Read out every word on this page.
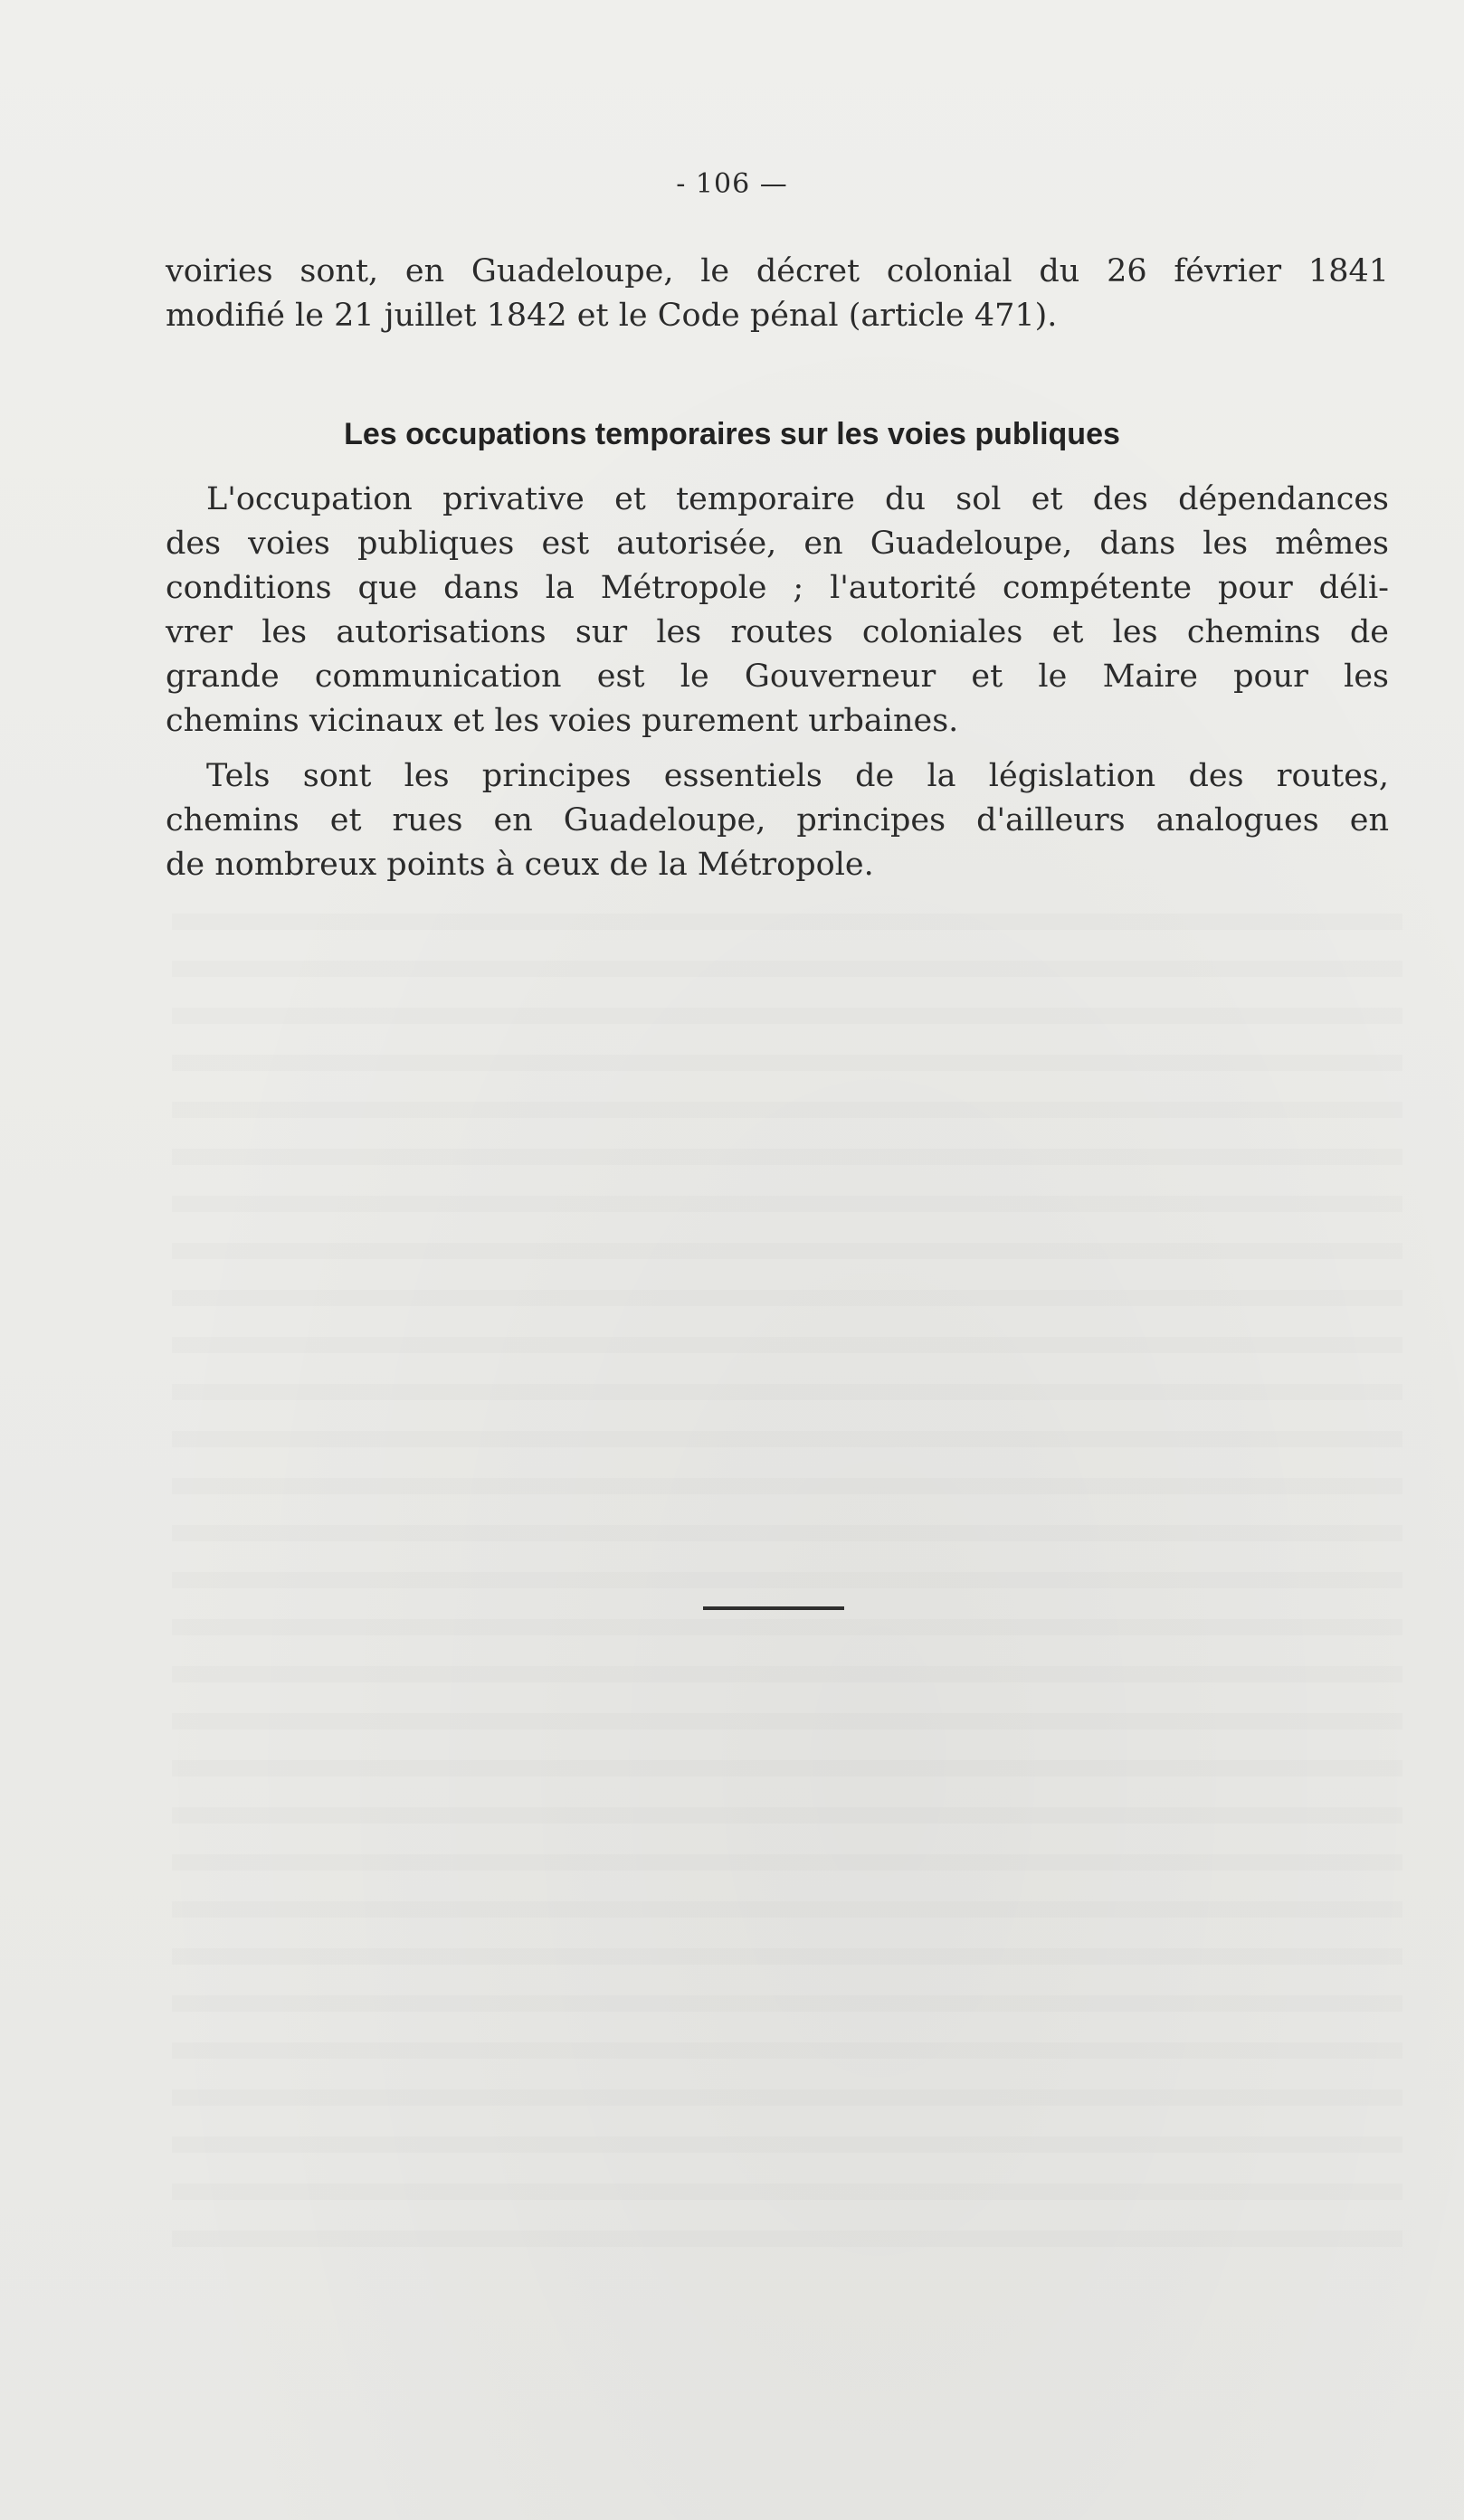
- 106 —
voiries sont, en Guadeloupe, le décret colonial du 26 février 1841
modifié le 21 juillet 1842 et le Code pénal (article 471).
Les occupations temporaires sur les voies publiques
L'occupation privative et temporaire du sol et des dépendances
des voies publiques est autorisée, en Guadeloupe, dans les mêmes
conditions que dans la Métropole ; l'autorité compétente pour déli-
vrer les autorisations sur les routes coloniales et les chemins de
grande communication est le Gouverneur et le Maire pour les
chemins vicinaux et les voies purement urbaines.
Tels sont les principes essentiels de la législation des routes,
chemins et rues en Guadeloupe, principes d'ailleurs analogues en
de nombreux points à ceux de la Métropole.
